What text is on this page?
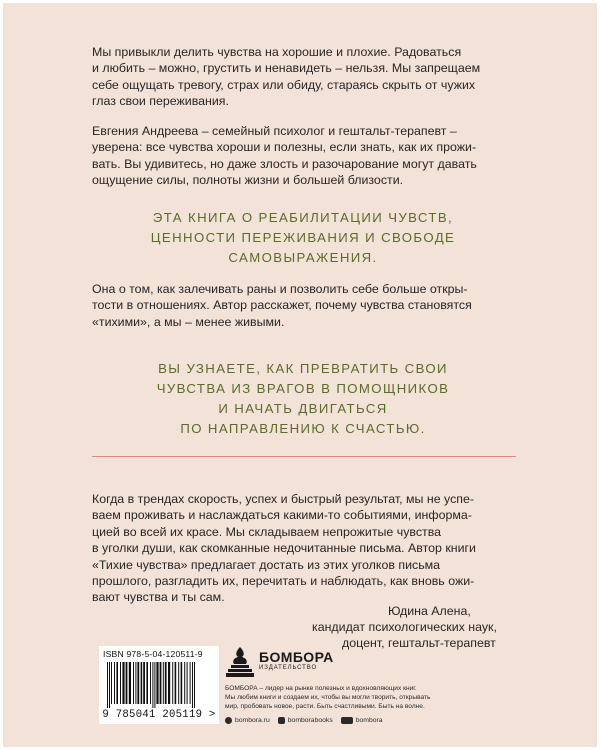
Мы привыкли делить чувства на хорошие и плохие. Радоваться
и любить – можно, грустить и ненавидеть – нельзя. Мы запрещаем
себе ощущать тревогу, страх или обиду, стараясь скрыть от чужих
глаз свои переживания.
Евгения Андреева – семейный психолог и гештальт-терапевт –
уверена: все чувства хороши и полезны, если знать, как их прожи-
вать. Вы удивитесь, но даже злость и разочарование могут давать
ощущение силы, полноты жизни и большей близости.
ЭТА КНИГА О РЕАБИЛИТАЦИИ ЧУВСТВ,
ЦЕННОСТИ ПЕРЕЖИВАНИЯ И СВОБОДЕ
САМОВЫРАЖЕНИЯ.
Она о том, как залечивать раны и позволить себе больше откры-
тости в отношениях. Автор расскажет, почему чувства становятся
«тихими», а мы – менее живыми.
ВЫ УЗНАЕТЕ, КАК ПРЕВРАТИТЬ СВОИ
ЧУВСТВА ИЗ ВРАГОВ В ПОМОЩНИКОВ
И НАЧАТЬ ДВИГАТЬСЯ
ПО НАПРАВЛЕНИЮ К СЧАСТЬЮ.
Когда в трендах скорость, успех и быстрый результат, мы не успе-
ваем проживать и наслаждаться какими-то событиями, информа-
цией во всей их красе. Мы складываем непрожитые чувства
в уголки души, как скомканные недочитанные письма. Автор книги
«Тихие чувства» предлагает достать из этих уголков письма
прошлого, разгладить их, перечитать и наблюдать, как вновь ожи-
вают чувства и ты сам.
Юдина Алена,
кандидат психологических наук,
доцент, гештальт-терапевт
ISBN 978-5-04-120511-9
9 785041 205119 >
БОМБОРА
ИЗДАТЕЛЬСТВО
БОМБОРА – лидер на рынке полезных и вдохновляющих книг.
Мы любим книги и создаем их, чтобы вы могли творить, открывать
мир, пробовать новое, расти. Быть счастливыми. Быть на волне.
bombora.ru	bomborabooks	bombora
